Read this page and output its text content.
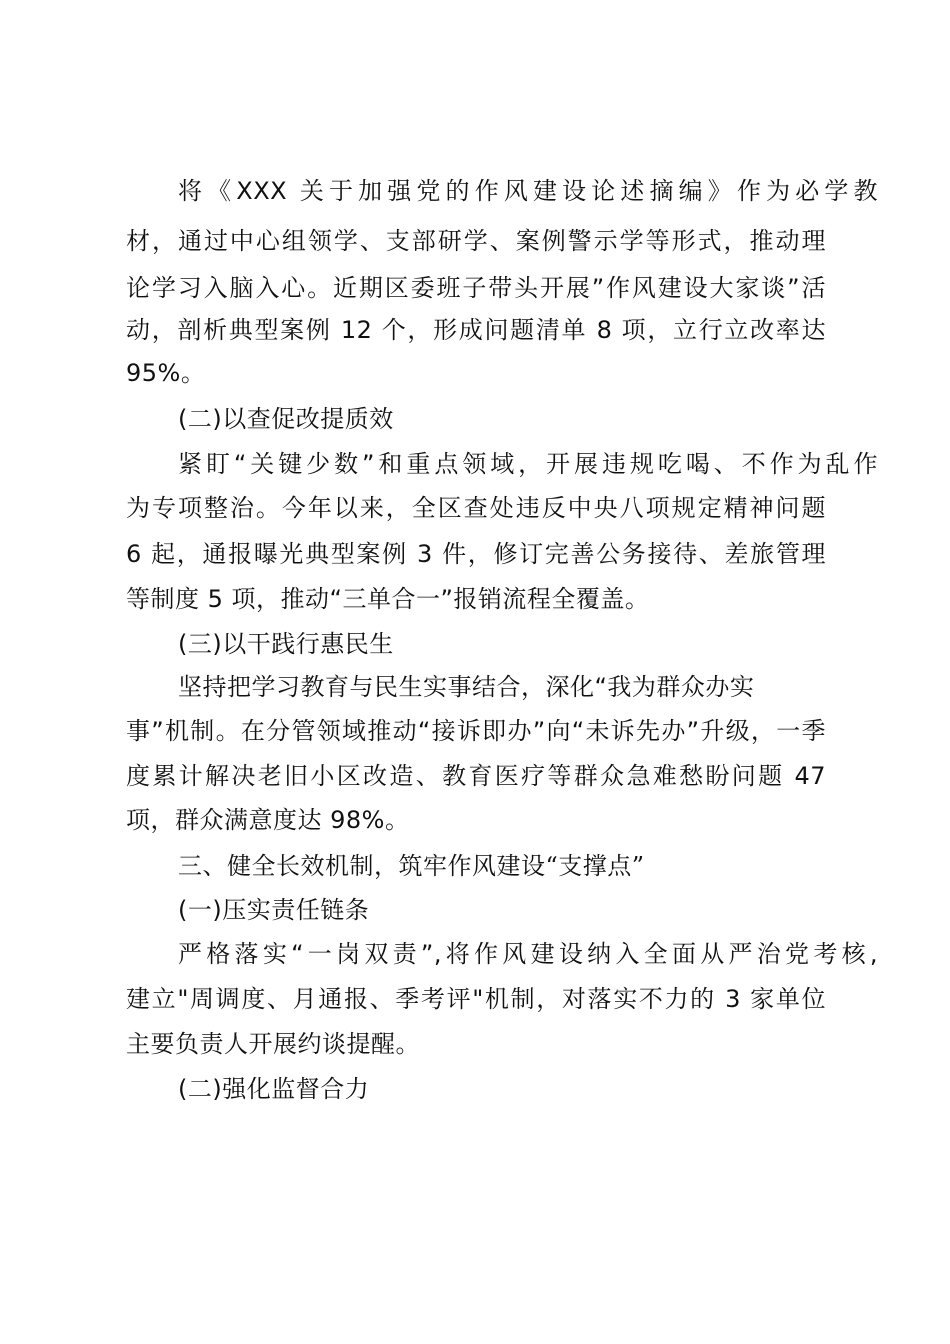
将《XXX 关于加强党的作风建设论述摘编》作为必学教
材，通过中心组领学、支部研学、案例警示学等形式，推动理
论学习入脑入心。近期区委班子带头开展”作风建设大家谈”活
动，剖析典型案例 12 个，形成问题清单 8 项，立行立改率达
95%。
(二)以查促改提质效
紧盯“关键少数”和重点领域，开展违规吃喝、不作为乱作
为专项整治。今年以来，全区查处违反中央八项规定精神问题
6 起，通报曝光典型案例 3 件，修订完善公务接待、差旅管理
等制度 5 项，推动“三单合一”报销流程全覆盖。
(三)以干践行惠民生
坚持把学习教育与民生实事结合，深化“我为群众办实
事”机制。在分管领域推动“接诉即办”向“未诉先办”升级，一季
度累计解决老旧小区改造、教育医疗等群众急难愁盼问题 47
项，群众满意度达 98%。
三、健全长效机制，筑牢作风建设“支撑点”
(一)压实责任链条
严格落实“一岗双责”,将作风建设纳入全面从严治党考核,
建立"周调度、月通报、季考评"机制，对落实不力的 3 家单位
主要负责人开展约谈提醒。
(二)强化监督合力
